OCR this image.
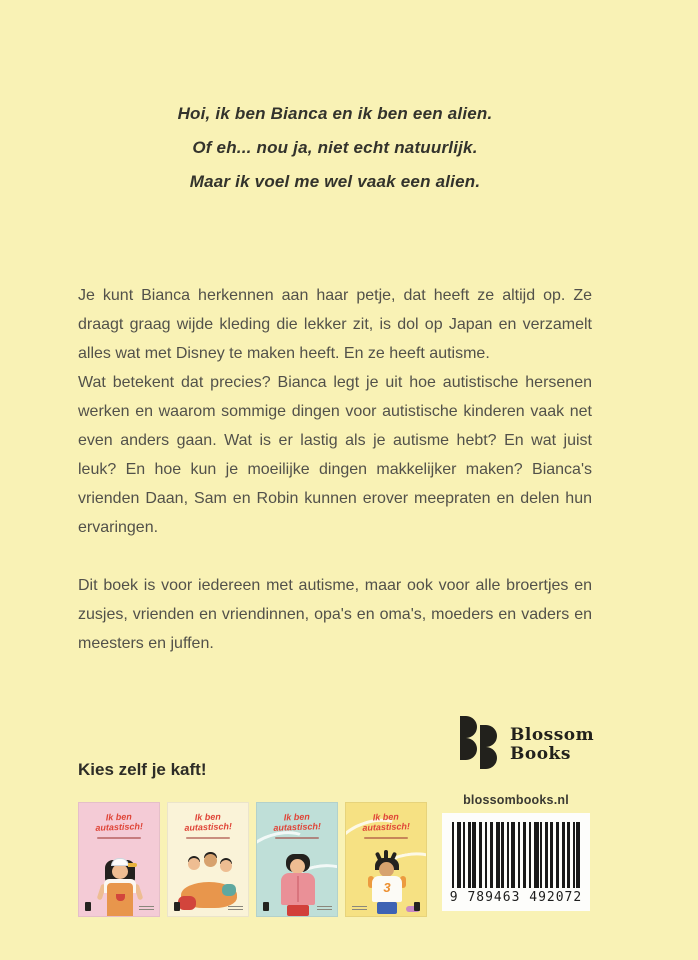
Hoi, ik ben Bianca en ik ben een alien.
Of eh... nou ja, niet echt natuurlijk.
Maar ik voel me wel vaak een alien.

Je kunt Bianca herkennen aan haar petje, dat heeft ze altijd op. Ze draagt graag wijde kleding die lekker zit, is dol op Japan en verzamelt alles wat met Disney te maken heeft. En ze heeft autisme.

Wat betekent dat precies? Bianca legt je uit hoe autistische hersenen werken en waarom sommige dingen voor autistische kinderen vaak net even anders gaan. Wat is er lastig als je autisme hebt? En wat juist leuk? En hoe kun je moeilijke dingen makkelijker maken? Bianca's vrienden Daan, Sam en Robin kunnen erover meepraten en delen hun ervaringen.

Dit boek is voor iedereen met autisme, maar ook voor alle broertjes en zusjes, vrienden en vriendinnen, opa's en oma's, moeders en vaders en meesters en juffen.

Kies zelf je kaft!
Ik ben
autastisch!
Ik ben
autastisch!
Ik ben
autastisch!
Ik ben
autastisch!
3
Blossom
Books
blossombooks.nl
9 789463 492072
